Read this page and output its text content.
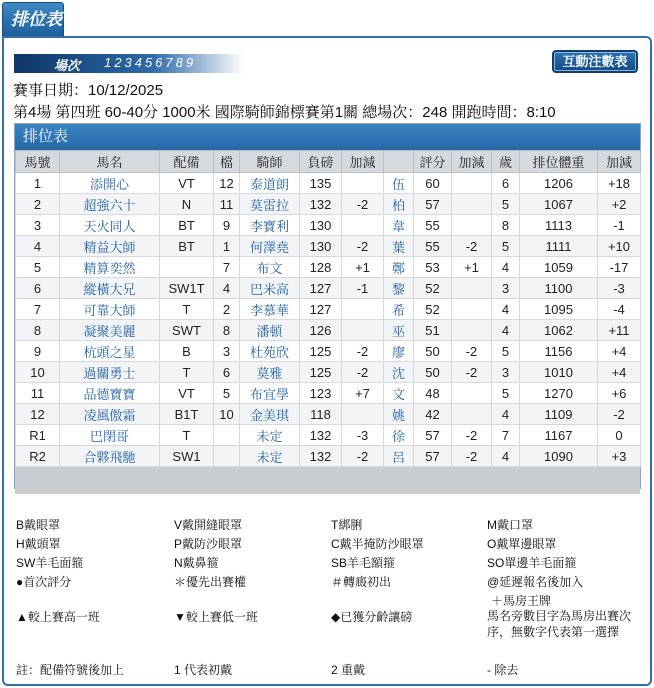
排位表
場次 123456789	互動注數表
賽事日期：10/12/2025
第4場 第四班 60-40分 1000米 國際騎師錦標賽第1關 總場次：248 開跑時間：8:10
排位表
馬號	馬名	配備	檔	騎師	負磅	加減		評分	加減	歲	排位體重	加減
1	添開心	VT	12	泰道朗	135		伍	60		6	1206	+18
2	超強六十	N	11	莫雷拉	132	-2	柏	57		5	1067	+2
3	天火同人	BT	9	李寶利	130		韋	55		8	1113	-1
4	精益大師	BT	1	何澤堯	130	-2	葉	55	-2	5	1111	+10
5	精算奕然		7	布文	128	+1	鄭	53	+1	4	1059	-17
6	縱橫大兄	SW1T	4	巴米高	127	-1	黎	52		3	1100	-3
7	可靠大師	T	2	李慕華	127		希	52		4	1095	-4
8	凝聚美麗	SWT	8	潘頓	126		巫	51		4	1062	+11
9	杭頭之星	B	3	杜苑欣	125	-2	廖	50	-2	5	1156	+4
10	過關勇士	T	6	莫雅	125	-2	沈	50	-2	3	1010	+4
11	品德寶寶	VT	5	布宜學	123	+7	文	48		5	1270	+6
12	凌風傲霜	B1T	10	金美琪	118		姚	42		4	1109	-2
R1	巴閉哥	T		未定	132	-3	徐	57	-2	7	1167	0
R2	合夥飛馳	SW1		未定	132	-2	呂	57	-2	4	1090	+3
B戴眼罩	V戴開縫眼罩	T綁脷	M戴口罩
H戴頭罩	P戴防沙眼罩	C戴半掩防沙眼罩	O戴單邊眼罩
SW羊毛面箍	N戴鼻箍	SB羊毛額箍	SO單邊羊毛面箍
●首次評分	＊優先出賽權	＃轉廄初出	@延遲報名後加入
＋馬房王牌
▲較上賽高一班	▼較上賽低一班	◆已獲分齡讓磅	馬名旁數目字為馬房出賽次序，無數字代表第一選擇
註：配備符號後加上	1 代表初戴	2 重戴	- 除去
